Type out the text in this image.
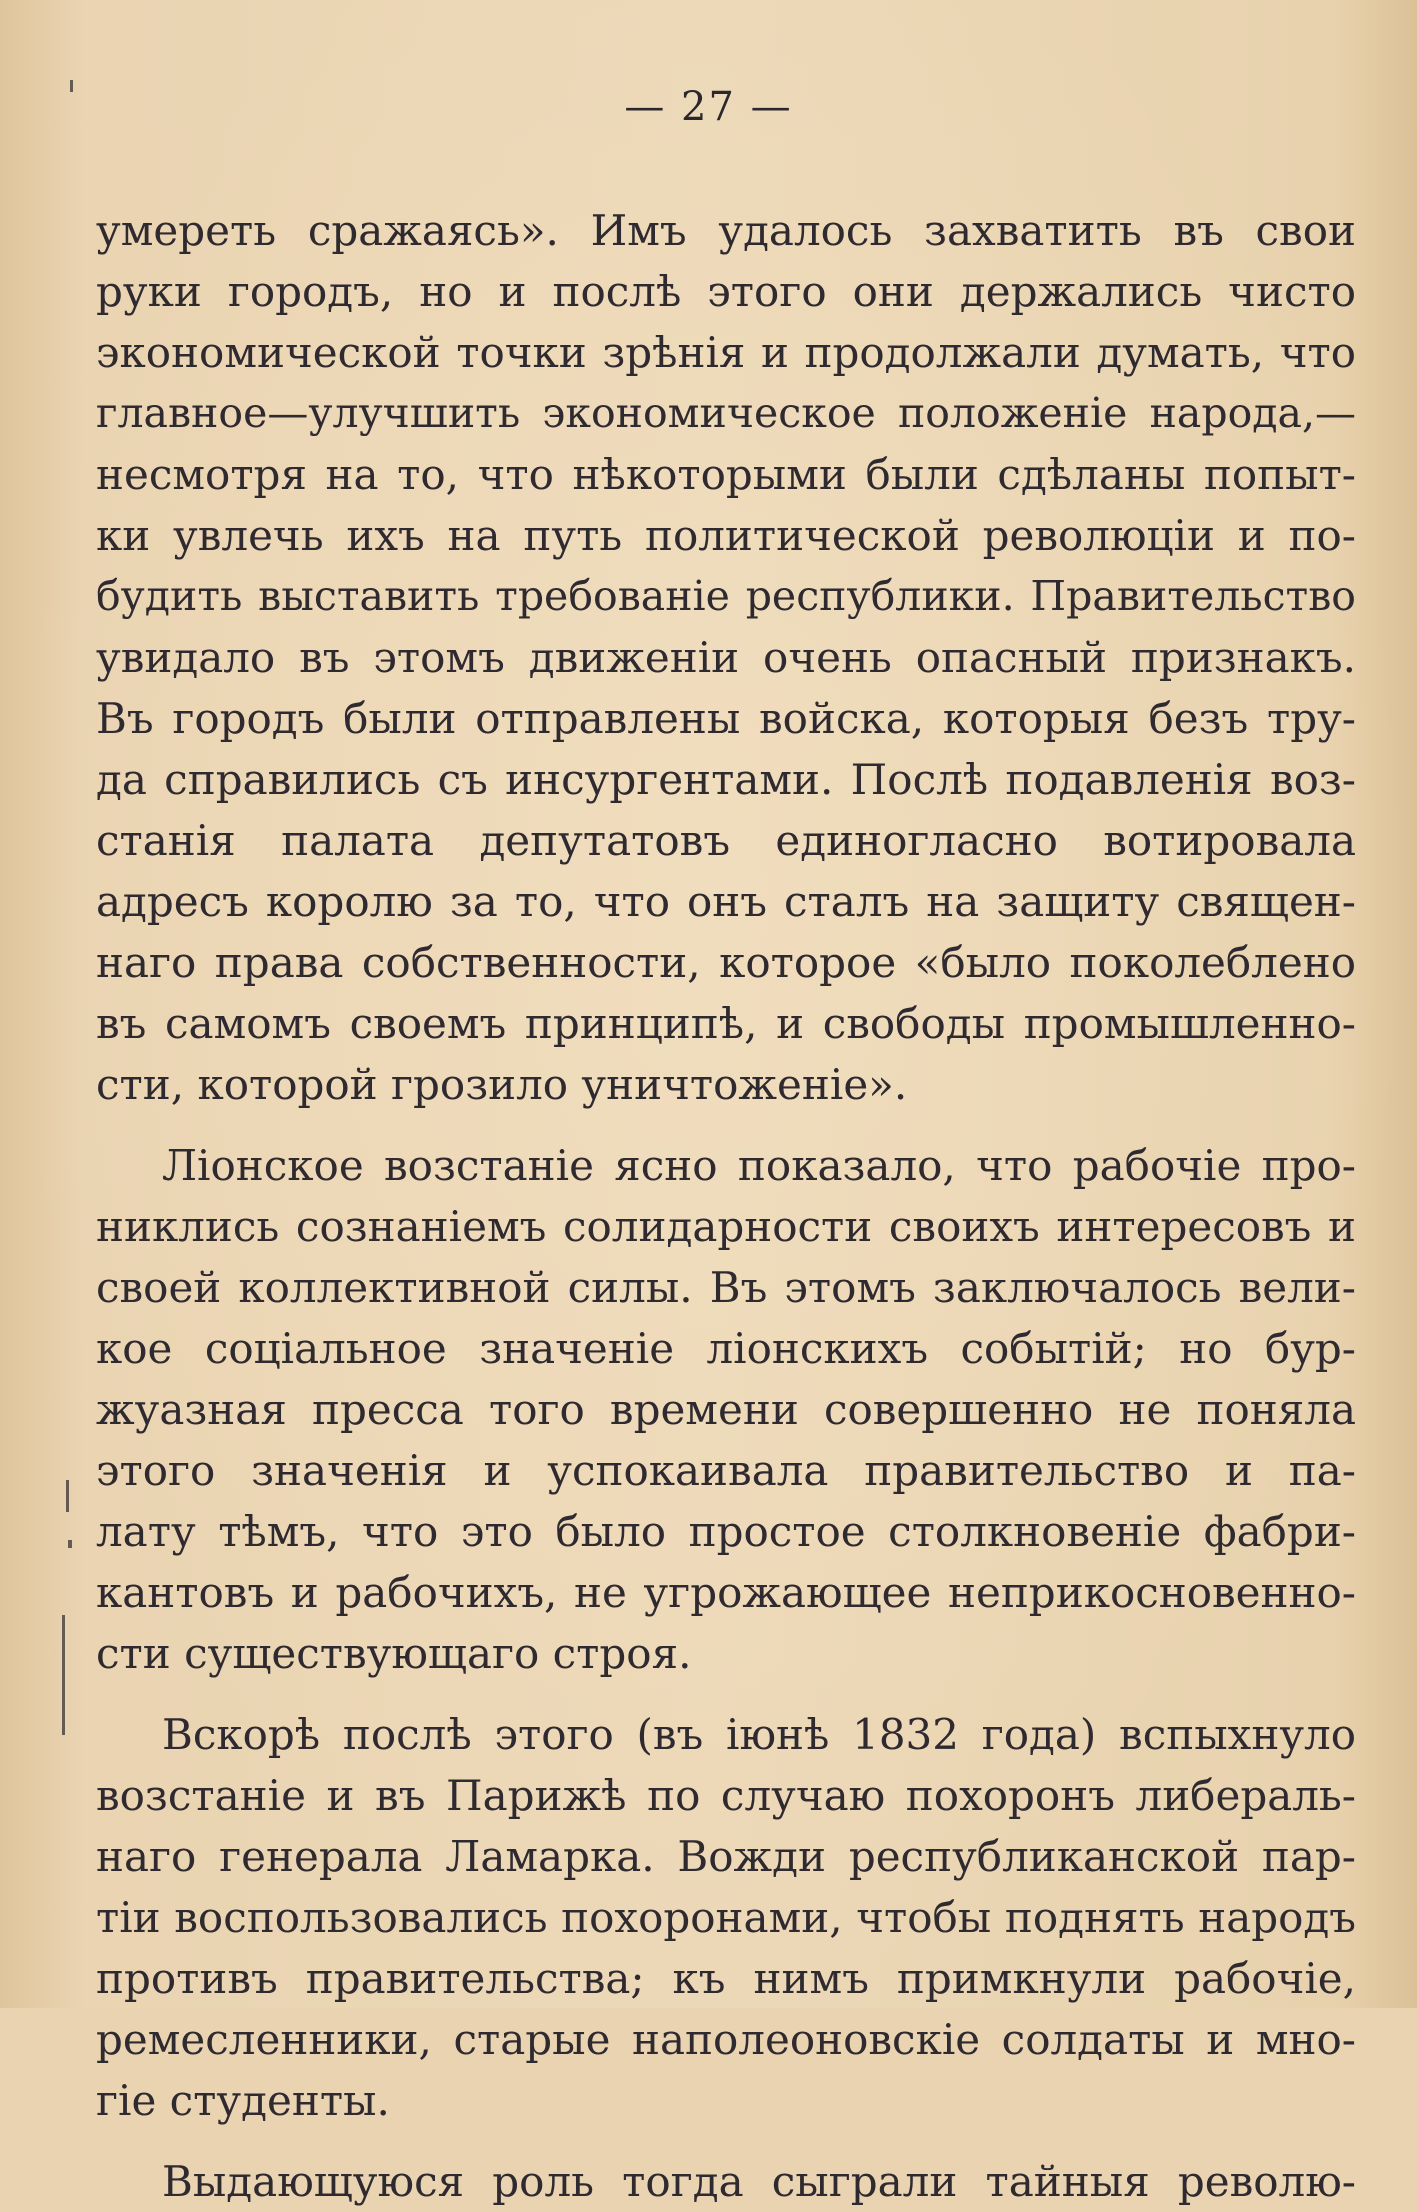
— 27 —
умереть сражаясь». Имъ удалось захватить въ свои
руки городъ, но и послѣ этого они держались чисто
экономической точки зрѣнія и продолжали думать, что
главное—улучшить экономическое положеніе народа,—
несмотря на то, что нѣкоторыми были сдѣланы попыт-
ки увлечь ихъ на путь политической революціи и по-
будить выставить требованіе республики. Правительство
увидало въ этомъ движеніи очень опасный признакъ.
Въ городъ были отправлены войска, которыя безъ тру-
да справились съ инсургентами. Послѣ подавленія воз-
станія палата депутатовъ единогласно вотировала
адресъ королю за то, что онъ сталъ на защиту священ-
наго права собственности, которое «было поколеблено
въ самомъ своемъ принципѣ, и свободы промышленно-
сти, которой грозило уничтоженіе».
Ліонское возстаніе ясно показало, что рабочіе про-
никлись сознаніемъ солидарности своихъ интересовъ и
своей коллективной силы. Въ этомъ заключалось вели-
кое соціальное значеніе ліонскихъ событій; но бур-
жуазная пресса того времени совершенно не поняла
этого значенія и успокаивала правительство и па-
лату тѣмъ, что это было простое столкновеніе фабри-
кантовъ и рабочихъ, не угрожающее неприкосновенно-
сти существующаго строя.
Вскорѣ послѣ этого (въ іюнѣ 1832 года) вспыхнуло
возстаніе и въ Парижѣ по случаю похоронъ либераль-
наго генерала Ламарка. Вожди республиканской пар-
тіи воспользовались похоронами, чтобы поднять народъ
противъ правительства; къ нимъ примкнули рабочіе,
ремесленники, старые наполеоновскіе солдаты и мно-
гіе студенты.
Выдающуюся роль тогда сыграли тайныя револю-
